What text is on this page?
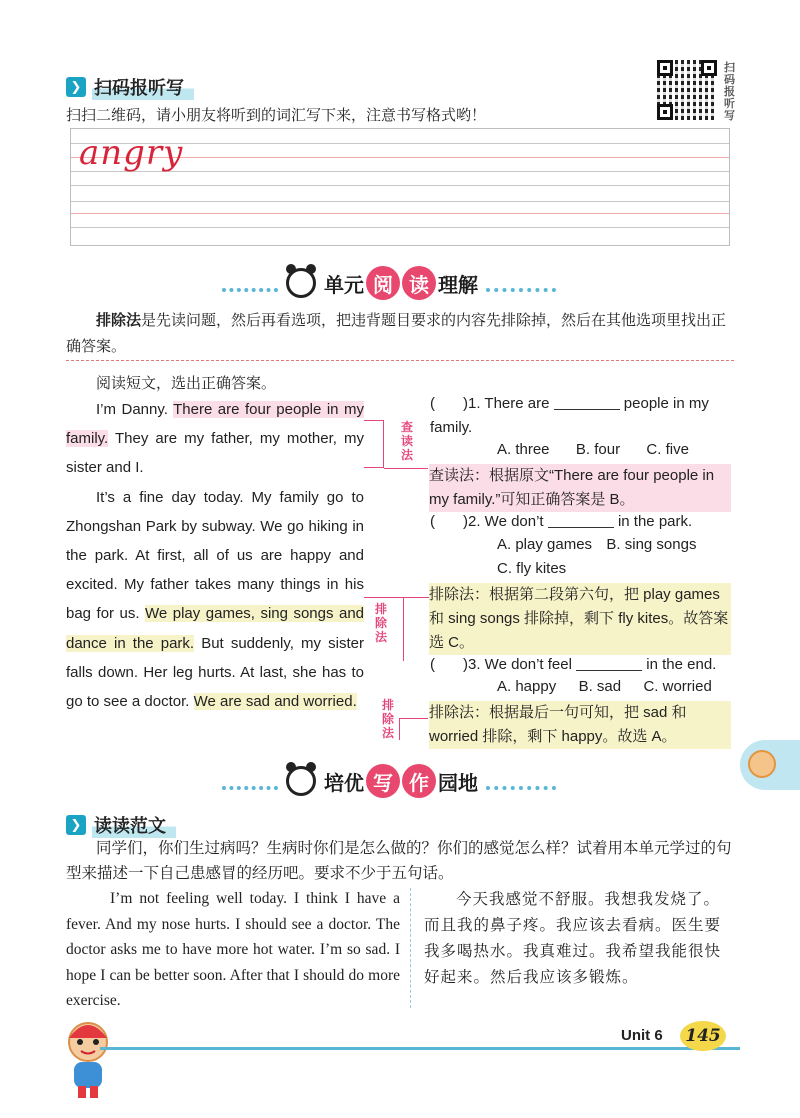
❯ 扫码报听写
扫扫二维码，请小朋友将听到的词汇写下来，注意书写格式哟！
扫码报听写
angry
单元 阅 读 理解
排除法是先读问题，然后再看选项，把违背题目要求的内容先排除掉，然后在其他选项里找出正确答案。
阅读短文，选出正确答案。
I’m Danny. There are four people in my family. They are my father, my mother, my sister and I.
It’s a fine day today. My family go to Zhongshan Park by subway. We go hiking in the park. At first, all of us are happy and excited. My father takes many things in his bag for us. We play games, sing songs and dance in the park. But suddenly, my sister falls down. Her leg hurts. At last, she has to go to see a doctor. We are sad and worried.
查读法
排除法
排除法
( )1. There are	people in my family.
A. three B. four C. five
查读法：根据原文“There are four people in my family.”可知正确答案是 B。
( )2. We don’t	in the park.
A. play games B. sing songs
C. fly kites
排除法：根据第二段第六句，把 play games 和 sing songs 排除掉，剩下 fly kites。故答案选 C。
( )3. We don’t feel	in the end.
A. happy B. sad C. worried
排除法：根据最后一句可知，把 sad 和 worried 排除，剩下 happy。故选 A。
培优 写 作 园地
❯ 读读范文
同学们，你们生过病吗？生病时你们是怎么做的？你们的感觉怎么样？试着用本单元学过的句型来描述一下自己患感冒的经历吧。要求不少于五句话。
I’m not feeling well today. I think I have a fever. And my nose hurts. I should see a doctor. The doctor asks me to have more hot water. I’m so sad. I hope I can be better soon. After that I should do more exercise.
今天我感觉不舒服。我想我发烧了。而且我的鼻子疼。我应该去看病。医生要我多喝热水。我真难过。我希望我能很快好起来。然后我应该多锻炼。
Unit 6	145
